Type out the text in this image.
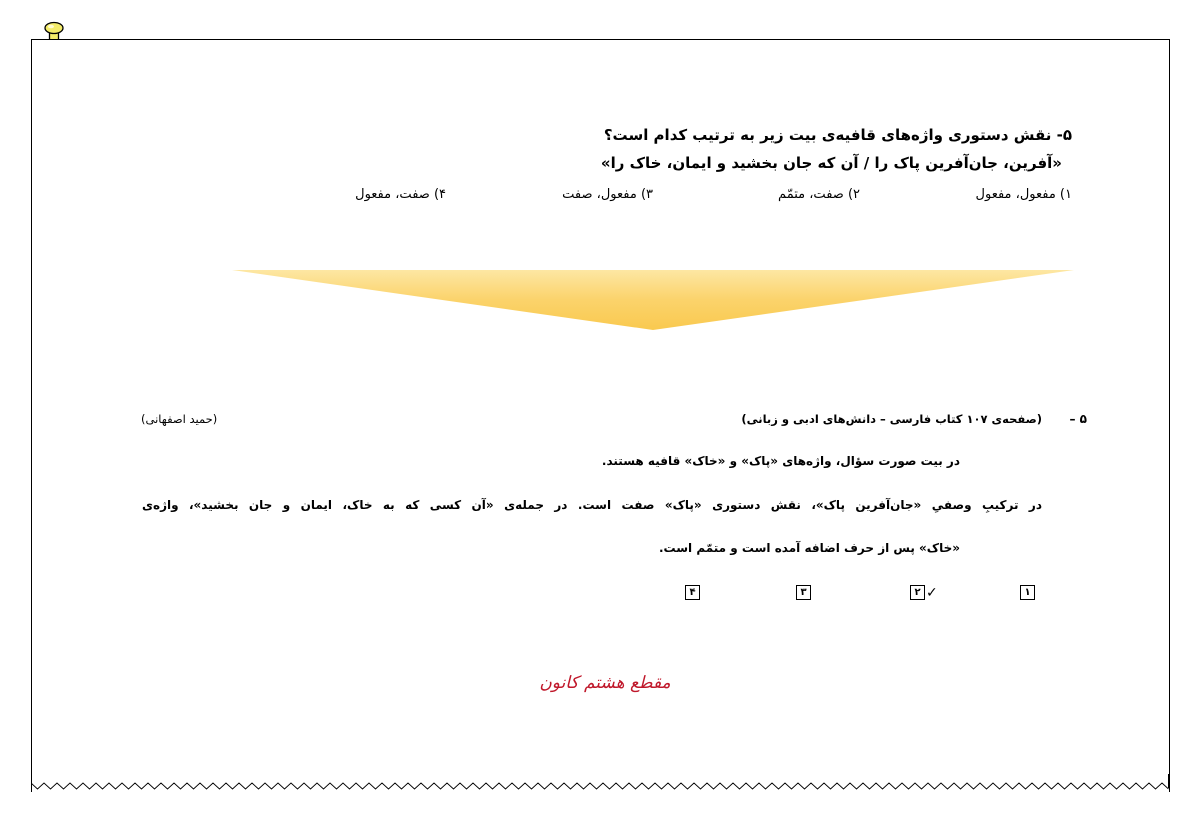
۵- نقش دستوری واژه‌های قافیه‌ی بیت زیر به ترتیب کدام است؟
«آفرین، جان‌آفرین پاک را / آن که جان بخشید و ایمان، خاک را»
۱) مفعول، مفعول
۲) صفت، متمّم
۳) مفعول، صفت
۴) صفت، مفعول
۵ –
(صفحه‌ی ۱۰۷ کتاب فارسی – دانش‌های ادبی و زبانی)
(حمید اصفهانی)
در بیت صورت سؤال، واژه‌های «پاک» و «خاک» قافیه هستند.
در ترکیبِ وصفیِ «جان‌آفرین پاک»، نقش دستوری «پاک» صفت است. در جمله‌ی «آن کسی که به خاک، ایمان و جان بخشید»، واژه‌ی
«خاک» پس از حرف اضافه آمده است و متمّم است.
۱
۲ ✓
۳
۴
مقطع هشتم کانون
